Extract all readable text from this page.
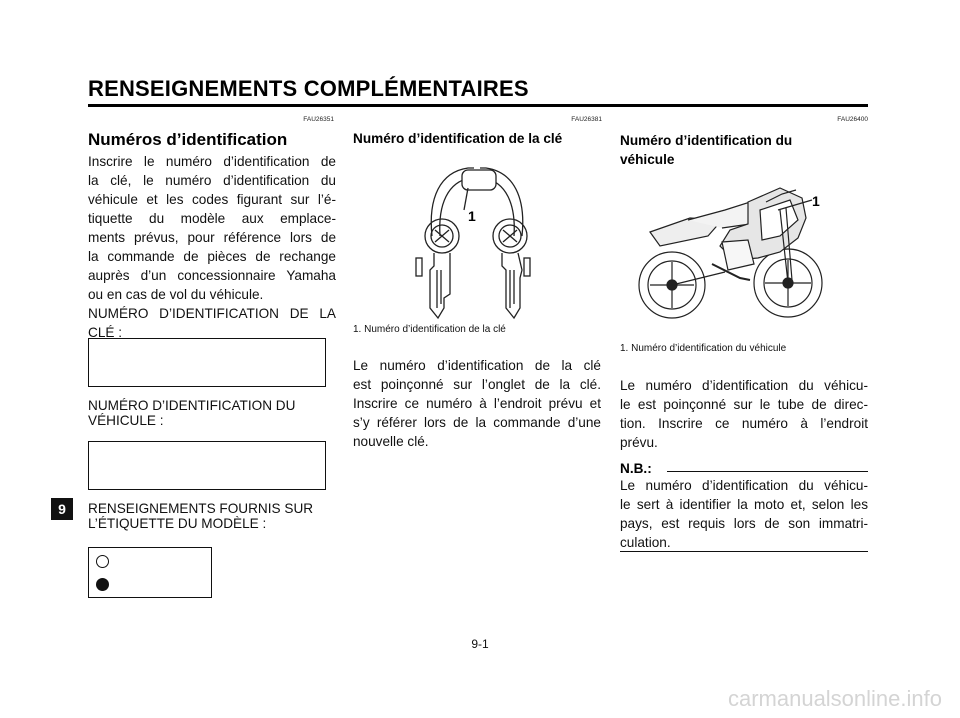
RENSEIGNEMENTS COMPLÉMENTAIRES
FAU26351
Numéros d’identification
Inscrire le numéro d’identification de
la clé, le numéro d’identification du
véhicule et les codes figurant sur l’é-
tiquette du modèle aux emplace-
ments prévus, pour référence lors de
la commande de pièces de rechange
auprès d’un concessionnaire Yamaha
ou en cas de vol du véhicule.
NUMÉRO D’IDENTIFICATION DE LA
CLÉ :
NUMÉRO D’IDENTIFICATION DU
VÉHICULE :
RENSEIGNEMENTS FOURNIS SUR
L’ÉTIQUETTE DU MODÈLE :
FAU26381
Numéro d’identification de la clé
1
1. Numéro d’identification de la clé
Le numéro d’identification de la clé
est poinçonné sur l’onglet de la clé.
Inscrire ce numéro à l’endroit prévu et
s’y référer lors de la commande d’une
nouvelle clé.
FAU26400
Numéro d’identification du
véhicule
1
1. Numéro d’identification du véhicule
Le numéro d’identification du véhicu-
le est poinçonné sur le tube de direc-
tion. Inscrire ce numéro à l’endroit
prévu.
N.B.:
Le numéro d’identification du véhicu-
le sert à identifier la moto et, selon les
pays, est requis lors de son immatri-
culation.
9
9-1
carmanualsonline.info
